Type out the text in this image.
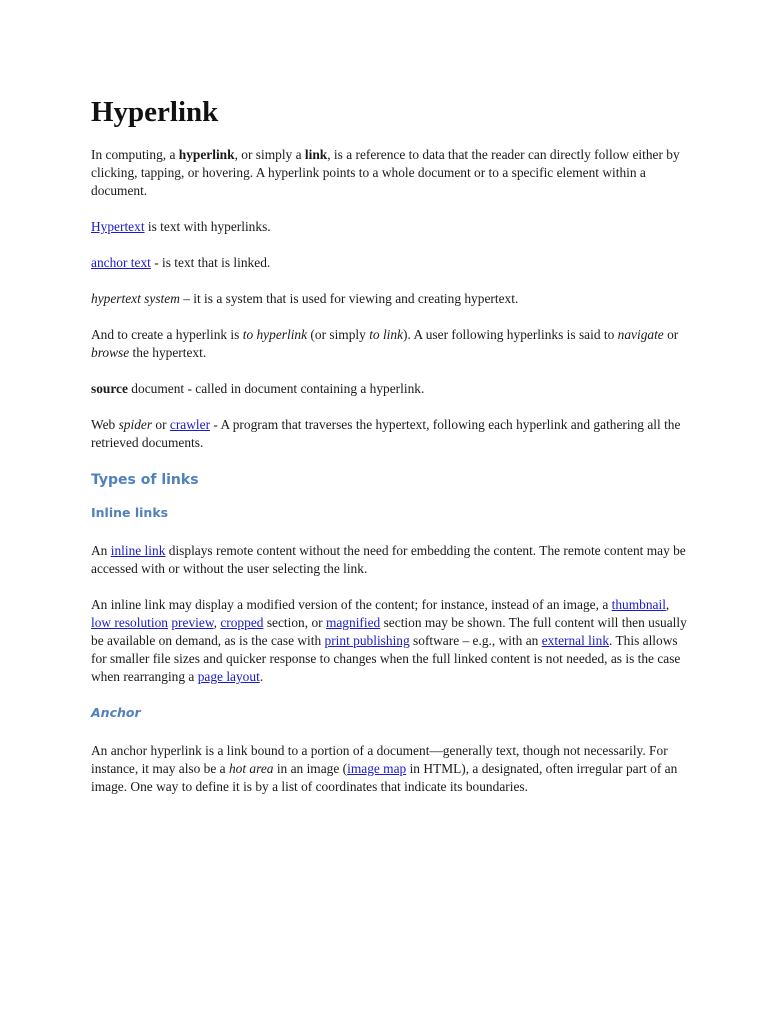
Hyperlink

In computing, a hyperlink, or simply a link, is a reference to data that the reader can directly follow either by clicking, tapping, or hovering. A hyperlink points to a whole document or to a specific element within a document.

Hypertext is text with hyperlinks.

anchor text - is text that is linked.

hypertext system – it is a system that is used for viewing and creating hypertext.

And to create a hyperlink is to hyperlink (or simply to link). A user following hyperlinks is said to navigate or browse the hypertext.

source document - called in document containing a hyperlink.

Web spider or crawler - A program that traverses the hypertext, following each hyperlink and gathering all the retrieved documents.

Types of links
Inline links

An inline link displays remote content without the need for embedding the content. The remote content may be accessed with or without the user selecting the link.

An inline link may display a modified version of the content; for instance, instead of an image, a thumbnail, low resolution preview, cropped section, or magnified section may be shown. The full content will then usually be available on demand, as is the case with print publishing software – e.g., with an external link. This allows for smaller file sizes and quicker response to changes when the full linked content is not needed, as is the case when rearranging a page layout.

Anchor

An anchor hyperlink is a link bound to a portion of a document—generally text, though not necessarily. For instance, it may also be a hot area in an image (image map in HTML), a designated, often irregular part of an image. One way to define it is by a list of coordinates that indicate its boundaries.
